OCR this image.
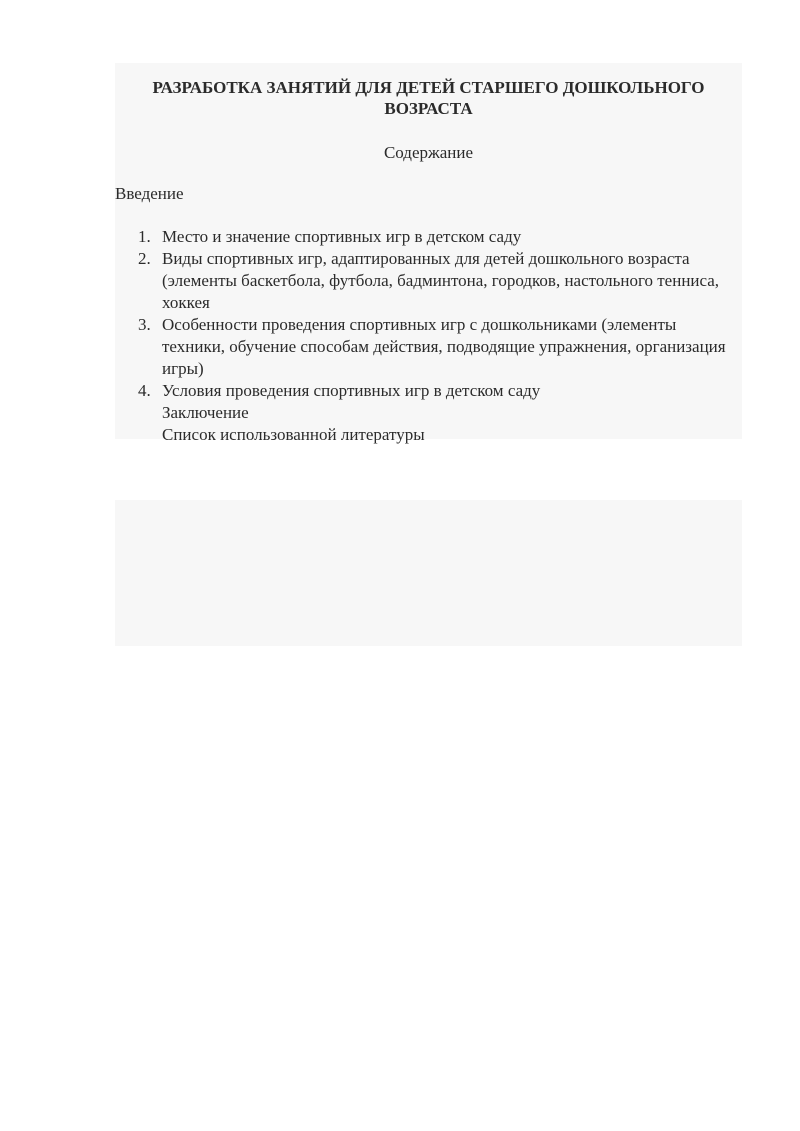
РАЗРАБОТКА ЗАНЯТИЙ ДЛЯ ДЕТЕЙ СТАРШЕГО ДОШКОЛЬНОГО
ВОЗРАСТА

Содержание

Введение

1. Место и значение спортивных игр в детском саду
2. Виды спортивных игр, адаптированных для детей дошкольного возраста (элементы баскетбола, футбола, бадминтона, городков, настольного тенниса, хоккея
3. Особенности проведения спортивных игр с дошкольниками (элементы техники, обучение способам действия, подводящие упражнения, организация игры)
4. Условия проведения спортивных игр в детском саду
Заключение
Список использованной литературы
